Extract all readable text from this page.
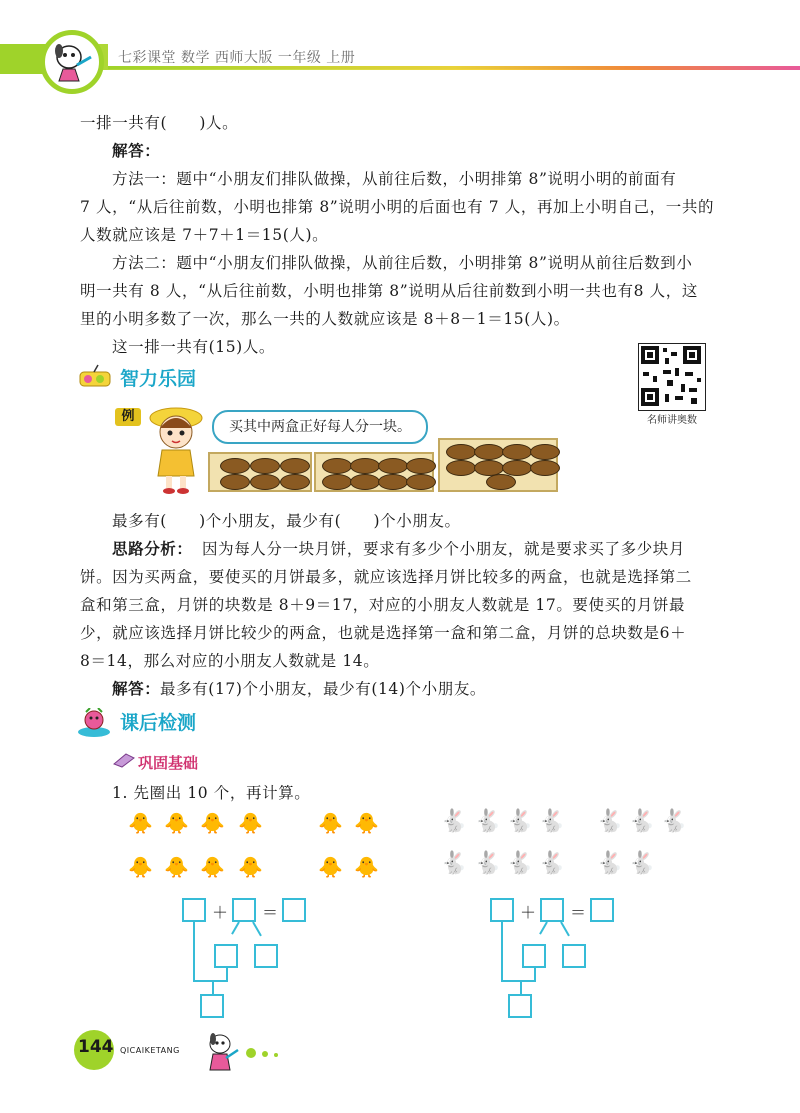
七彩课堂 数学 西师大版 一年级 上册
一排一共有(　　)人。
解答：
方法一：题中“小朋友们排队做操，从前往后数，小明排第 8”说明小明的前面有
7 人，“从后往前数，小明也排第 8”说明小明的后面也有 7 人，再加上小明自己，一共的
人数就应该是 7＋7＋1＝15(人)。
方法二：题中“小朋友们排队做操，从前往后数，小明排第 8”说明从前往后数到小
明一共有 8 人，“从后往前数，小明也排第 8”说明从后往前数到小明一共也有8 人，这
里的小明多数了一次，那么一共的人数就应该是 8＋8－1＝15(人)。
这一排一共有(15)人。
智力乐园
名师讲奥数
例
买其中两盒正好每人分一块。
最多有(　　)个小朋友，最少有(　　)个小朋友。
思路分析： 因为每人分一块月饼，要求有多少个小朋友，就是要求买了多少块月
饼。因为买两盒，要使买的月饼最多，就应该选择月饼比较多的两盒，也就是选择第二
盒和第三盒，月饼的块数是 8＋9＝17，对应的小朋友人数就是 17。要使买的月饼最
少，就应该选择月饼比较少的两盒，也就是选择第一盒和第二盒，月饼的总块数是6＋
8＝14，那么对应的小朋友人数就是 14。
解答： 最多有(17)个小朋友，最少有(14)个小朋友。
课后检测
巩固基础
1. 先圈出 10 个，再计算。
🐥 🐥 🐥 🐥	🐥 🐥
🐥 🐥 🐥 🐥	🐥 🐥
🐇 🐇 🐇 🐇 🐇 🐇 🐇
🐇 🐇 🐇 🐇 🐇 🐇
＋ ＝	＋ ＝
144 QICAIKETANG
